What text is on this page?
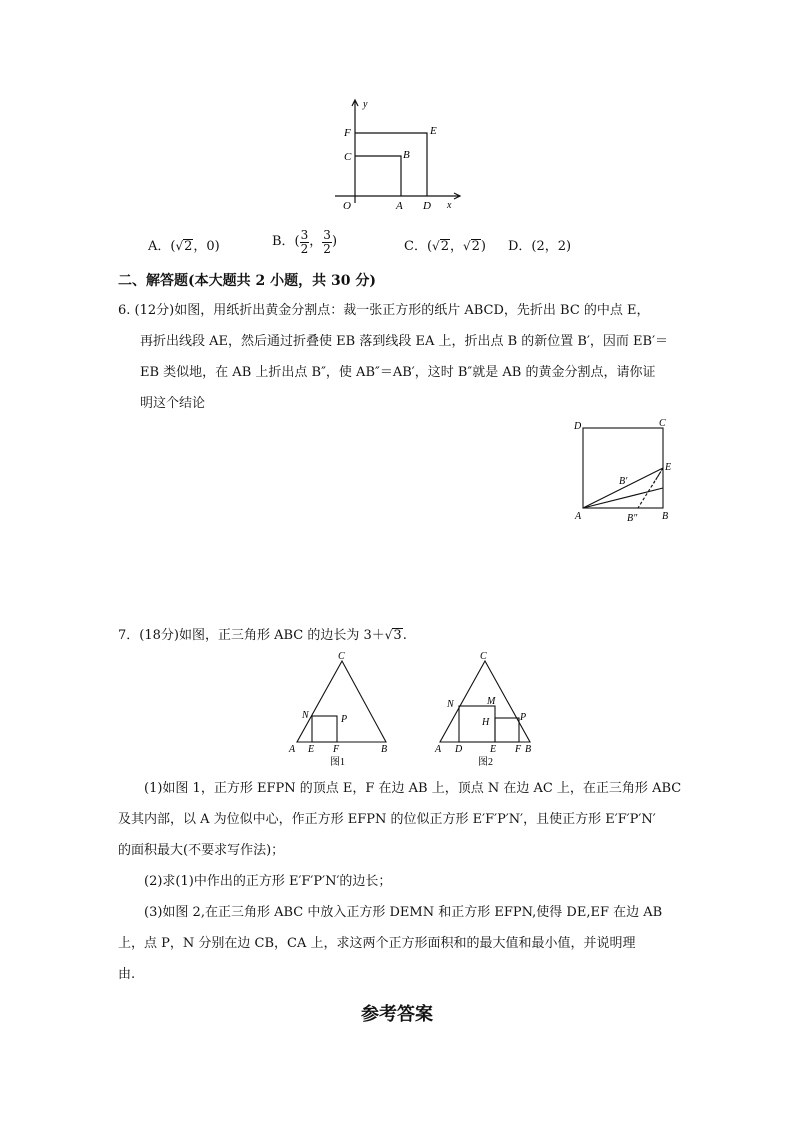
y
x
O	A D
C	B
F	E
A．(√2，0)	B．( $\frac{3}{2}$ ， $\frac{3}{2}$ )	C．(√2，√2) D．(2，2)
二、解答题(本大题共 2 小题，共 30 分)
6. (12分)如图，用纸折出黄金分割点：裁一张正方形的纸片 ABCD，先折出 BC 的中点 E，
再折出线段 AE，然后通过折叠使 EB 落到线段 EA 上，折出点 B 的新位置 B′，因而 EB′＝
EB 类似地，在 AB 上折出点 B″，使 AB″＝AB′，这时 B″就是 AB 的黄金分割点，请你证
明这个结论
D	C
E
B′
A	B″ B
7．(18分)如图，正三角形 ABC 的边长为 3＋√3.
C
N	P
A E F	B
图1
C
N	M
H	P
A D	E F B
图2
(1)如图 1，正方形 EFPN 的顶点 E，F 在边 AB 上，顶点 N 在边 AC 上，在正三角形 ABC
及其内部，以 A 为位似中心，作正方形 EFPN 的位似正方形 E′F′P′N′，且使正方形 E′F′P′N′
的面积最大(不要求写作法)；
(2)求(1)中作出的正方形 E′F′P′N′的边长；
(3)如图 2,在正三角形 ABC 中放入正方形 DEMN 和正方形 EFPN,使得 DE,EF 在边 AB
上，点 P，N 分别在边 CB，CA 上，求这两个正方形面积和的最大值和最小值，并说明理
由.
参考答案
